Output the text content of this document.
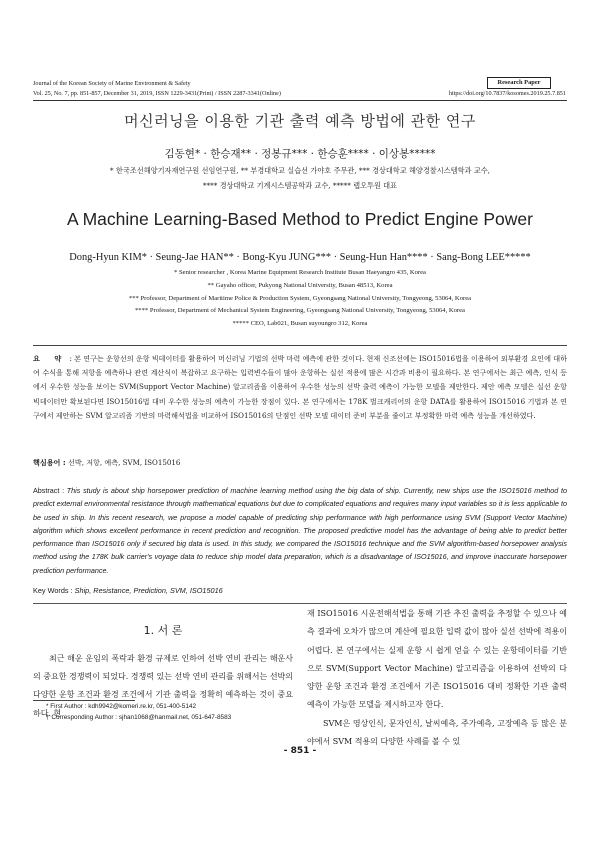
Journal of the Korean Society of Marine Environment & Safety
Vol. 25, No. 7, pp. 851-857, December 31, 2019, ISSN 1229-3431(Print) / ISSN 2287-3341(Online)	https://doi.org/10.7837/kosomes.2019.25.7.851
Research Paper
머신러닝을 이용한 기관 출력 예측 방법에 관한 연구
김동현* · 한승재** · 정봉규*** · 한승훈**** · 이상봉*****
* 한국조선해양기자재연구원 선임연구원, ** 부경대학교 실습선 가야호 주무관, *** 경상대학교 해양경찰시스템학과 교수,
**** 경상대학교 기계시스템공학과 교수, ***** 랩오투원 대표
A Machine Learning-Based Method to Predict Engine Power
Dong-Hyun KIM* · Seung-Jae HAN** · Bong-Kyu JUNG*** · Seung-Hun Han**** · Sang-Bong LEE*****
* Senior researcher , Korea Marine Equipment Research Institute Busan Haeyangro 435, Korea
** Gayaho officer, Pukyong National University, Busan 48513, Korea
*** Professor, Department of Maritime Police & Production System, Gyeongsang National University, Tongyeong, 53064, Korea
**** Professor, Department of Mechanical System Engineering, Gyeongsang National University, Tongyeong, 53064, Korea
***** CEO, Lab021, Busan suyoungro 312, Korea
요 약 : 본 연구는 운항선의 운항 빅데이터를 활용하여 머신러닝 기법의 선박 마력 예측에 관한 것이다. 현재 신조선에는 ISO15016법을 이용하여 외부환경 요인에 대하여 수식을 통해 저항을 예측하나 관련 계산식이 복잡하고 요구하는 입력변수들이 많아 운항하는 실선 적용에 많은 시간과 비용이 필요하다. 본 연구에서는 최근 예측, 인식 등에서 우수한 성능을 보이는 SVM(Support Vector Machine) 알고리즘을 이용하여 우수한 성능의 선박 출력 예측이 가능한 모델을 제안한다. 제안 예측 모델은 실선 운항 빅데이터만 확보된다면 ISO15016법 대비 우수한 성능의 예측이 가능한 장점이 있다. 본 연구에서는 178K 벌크캐리어의 운항 DATA를 활용하여 ISO15016 기법과 본 연구에서 제안하는 SVM 알고리즘 기반의 마력해석법을 비교하여 ISO15016의 단점인 선박 모델 데이터 준비 부분을 줄이고 부정확한 마력 예측 성능을 개선하였다.
핵심용어 : 선박, 저항, 예측, SVM, ISO15016
Abstract : This study is about ship horsepower prediction of machine learning method using the big data of ship. Currently, new ships use the ISO15016 method to predict external environmental resistance through mathematical equations but due to complicated equations and requires many input variables so it is less applicable to be used in ship. In this recent research, we propose a model capable of predicting ship performance with high performance using SVM (Support Vector Machine) algorithm which shows excellent performance in recent prediction and recognition. The proposed predictive model has the advantage of being able to predict better performance than ISO15016 only if secured big data is used. In this study, we compared the ISO15016 technique and the SVM algorithm-based horsepower analysis method using the 178K bulk carrier's voyage data to reduce ship model data preparation, which is a disadvantage of ISO15016, and improve inaccurate horsepower prediction performance.
Key Words : Ship, Resistance, Prediction, SVM, ISO15016
1. 서 론
최근 해운 운임의 폭락과 환경 규제로 인하여 선박 연비 관리는 해운사의 중요한 경쟁력이 되었다. 경쟁력 있는 선박 연비 관리를 위해서는 선박의 다양한 운항 조건과 환경 조건에서 기관 출력을 정확히 예측하는 것이 중요하다. 현

재 ISO15016 시운전해석법을 통해 기관 추진 출력을 추정할 수 있으나 예측 결과에 오차가 많으며 계산에 필요한 입력 값이 많아 실선 선박에 적용이 어렵다. 본 연구에서는 실제 운항 시 쉽게 얻을 수 있는 운항데이터를 기반으로 SVM(Support Vector Machine) 알고리즘을 이용하여 선박의 다양한 운항 조건과 환경 조건에서 기존 ISO15016 대비 정확한 기관 출력 예측이 가능한 모델을 제시하고자 한다.

SVM은 영상인식, 문자인식, 날씨예측, 주가예측, 고장예측 등 많은 분야에서 SVM 적용의 다양한 사례를 볼 수 있

* First Author : kdh9942@komeri.re.kr, 051-400-5142
† Corresponding Author : sjhan1068@hanmail.net, 051-647-8583
- 851 -
